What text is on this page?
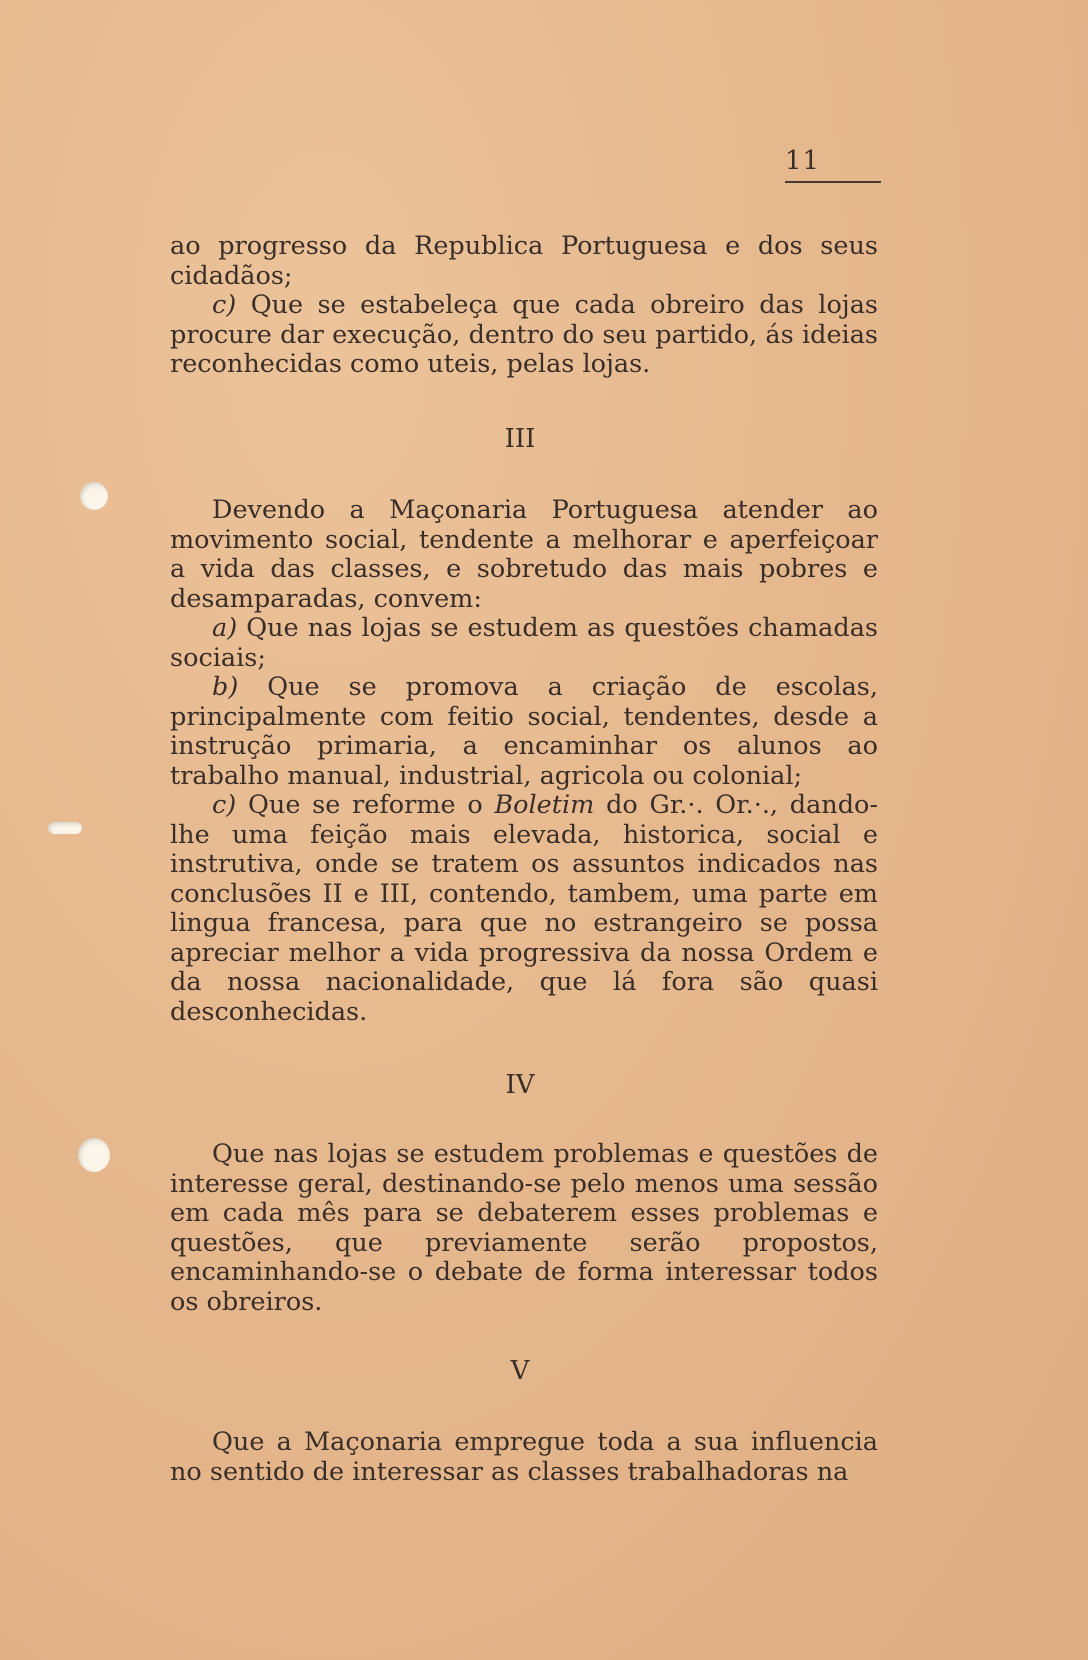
11

ao progresso da Republica Portuguesa e dos seus cidadãos;

c) Que se estabeleça que cada obreiro das lojas procure dar execução, dentro do seu partido, ás ideias reconhecidas como uteis, pelas lojas.

III

Devendo a Maçonaria Portuguesa atender ao movimento social, tendente a melhorar e aperfeiçoar a vida das classes, e sobretudo das mais pobres e desamparadas, convem:

a) Que nas lojas se estudem as questões chamadas sociais;

b) Que se promova a criação de escolas, principalmente com feitio social, tendentes, desde a instrução primaria, a encaminhar os alunos ao trabalho manual, industrial, agricola ou colonial;

c) Que se reforme o Boletim do Gr.·. Or.·., dando-lhe uma feição mais elevada, historica, social e instrutiva, onde se tratem os assuntos indicados nas conclusões II e III, contendo, tambem, uma parte em lingua francesa, para que no estrangeiro se possa apreciar melhor a vida progressiva da nossa Ordem e da nossa nacionalidade, que lá fora são quasi desconhecidas.

IV

Que nas lojas se estudem problemas e questões de interesse geral, destinando-se pelo menos uma sessão em cada mês para se debaterem esses problemas e questões, que previamente serão propostos, encaminhando-se o debate de forma interessar todos os obreiros.

V

Que a Maçonaria empregue toda a sua influencia no sentido de interessar as classes trabalhadoras na
